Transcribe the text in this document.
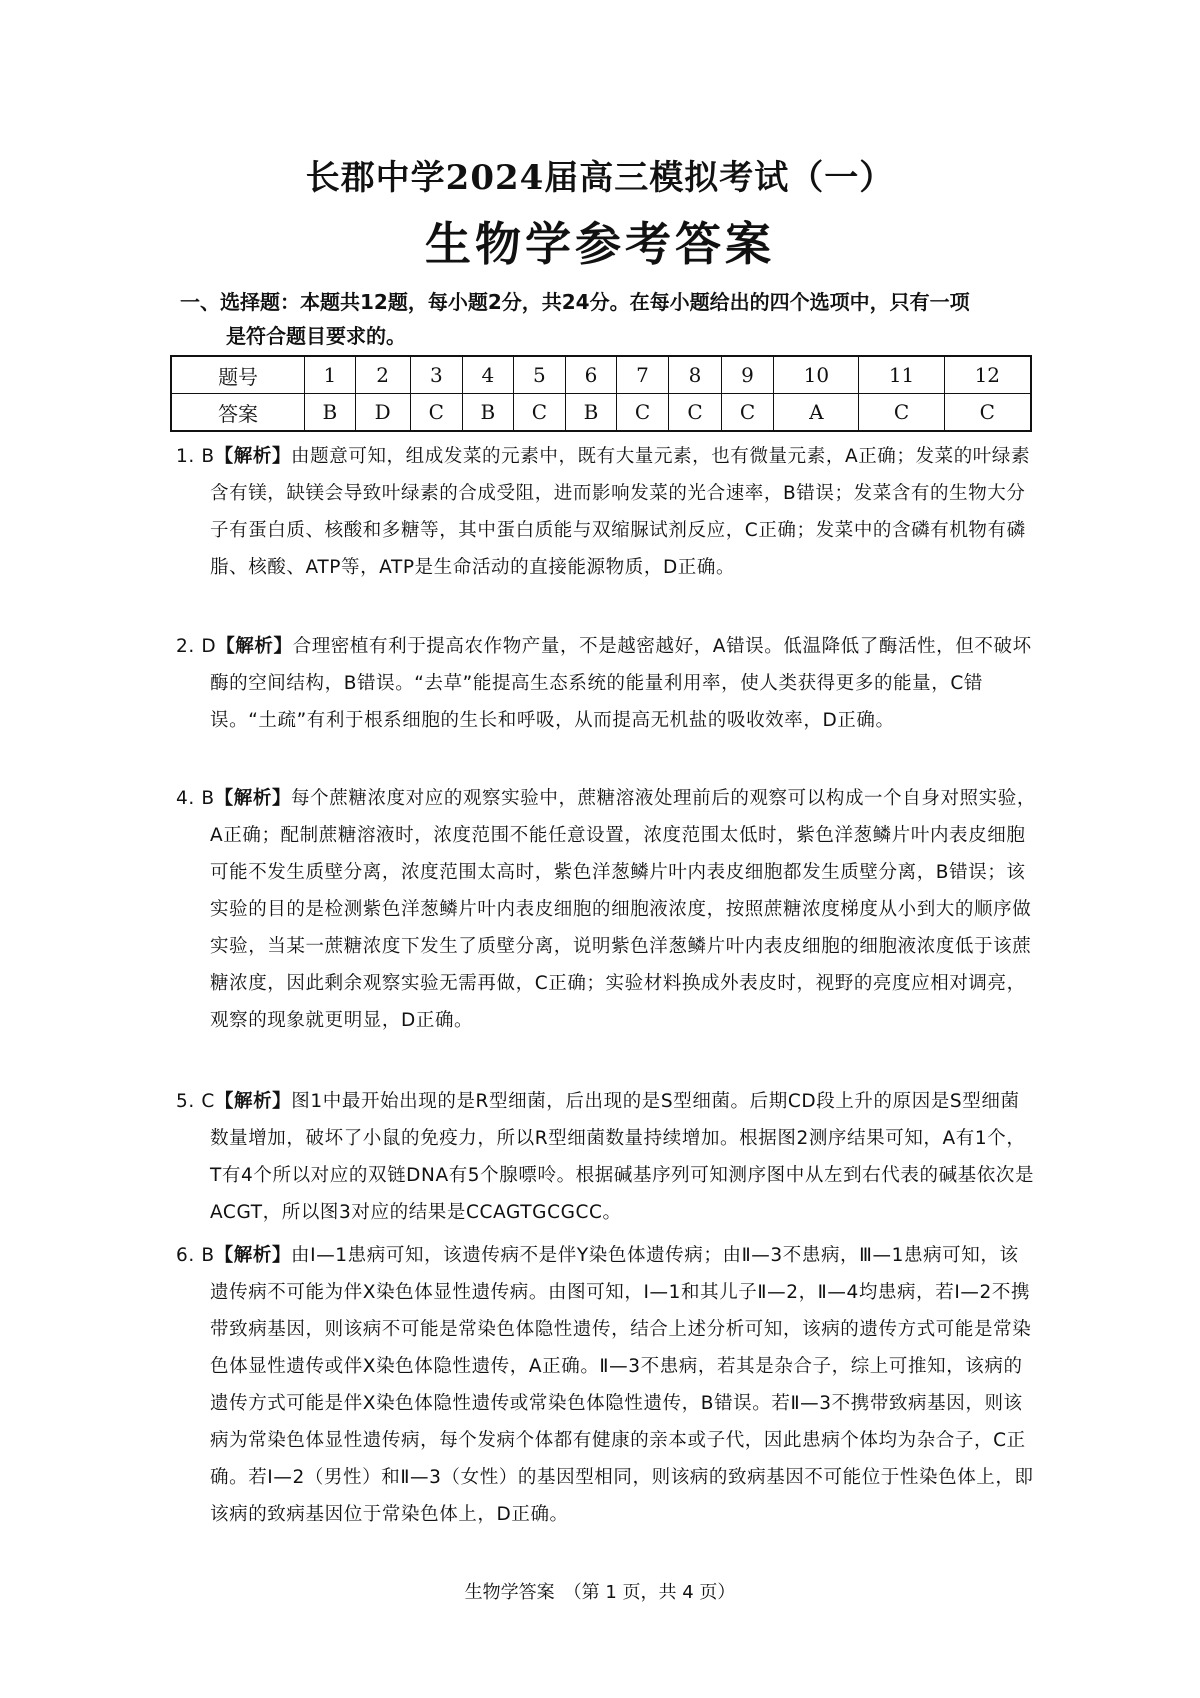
长郡中学2024届高三模拟考试（一）
生物学参考答案
一、选择题：本题共12题，每小题2分，共24分。在每小题给出的四个选项中，只有一项
是符合题目要求的。
题号	1	2	3	4	5	6	7	8	9	10	11	12
答案	B	D	C	B	C	B	C	C	C	A	C	C

1. B【解析】由题意可知，组成发菜的元素中，既有大量元素，也有微量元素，A正确；发菜的叶绿素含有镁，缺镁会导致叶绿素的合成受阻，进而影响发菜的光合速率，B错误；发菜含有的生物大分子有蛋白质、核酸和多糖等，其中蛋白质能与双缩脲试剂反应，C正确；发菜中的含磷有机物有磷脂、核酸、ATP等，ATP是生命活动的直接能源物质，D正确。

2. D【解析】合理密植有利于提高农作物产量，不是越密越好，A错误。低温降低了酶活性，但不破坏酶的空间结构，B错误。“去草”能提高生态系统的能量利用率，使人类获得更多的能量，C错误。“土疏”有利于根系细胞的生长和呼吸，从而提高无机盐的吸收效率，D正确。

4. B【解析】每个蔗糖浓度对应的观察实验中，蔗糖溶液处理前后的观察可以构成一个自身对照实验，A正确；配制蔗糖溶液时，浓度范围不能任意设置，浓度范围太低时，紫色洋葱鳞片叶内表皮细胞可能不发生质壁分离，浓度范围太高时，紫色洋葱鳞片叶内表皮细胞都发生质壁分离，B错误；该实验的目的是检测紫色洋葱鳞片叶内表皮细胞的细胞液浓度，按照蔗糖浓度梯度从小到大的顺序做实验，当某一蔗糖浓度下发生了质壁分离，说明紫色洋葱鳞片叶内表皮细胞的细胞液浓度低于该蔗糖浓度，因此剩余观察实验无需再做，C正确；实验材料换成外表皮时，视野的亮度应相对调亮，观察的现象就更明显，D正确。

5. C【解析】图1中最开始出现的是R型细菌，后出现的是S型细菌。后期CD段上升的原因是S型细菌数量增加，破坏了小鼠的免疫力，所以R型细菌数量持续增加。根据图2测序结果可知，A有1个，T有4个所以对应的双链DNA有5个腺嘌呤。根据碱基序列可知测序图中从左到右代表的碱基依次是ACGT，所以图3对应的结果是CCAGTGCGCC。

6. B【解析】由Ⅰ—1患病可知，该遗传病不是伴Y染色体遗传病；由Ⅱ—3不患病，Ⅲ—1患病可知，该遗传病不可能为伴X染色体显性遗传病。由图可知，Ⅰ—1和其儿子Ⅱ—2，Ⅱ—4均患病，若Ⅰ—2不携带致病基因，则该病不可能是常染色体隐性遗传，结合上述分析可知，该病的遗传方式可能是常染色体显性遗传或伴X染色体隐性遗传，A正确。Ⅱ—3不患病，若其是杂合子，综上可推知，该病的遗传方式可能是伴X染色体隐性遗传或常染色体隐性遗传，B错误。若Ⅱ—3不携带致病基因，则该病为常染色体显性遗传病，每个发病个体都有健康的亲本或子代，因此患病个体均为杂合子，C正确。若Ⅰ—2（男性）和Ⅱ—3（女性）的基因型相同，则该病的致病基因不可能位于性染色体上，即该病的致病基因位于常染色体上，D正确。

生物学答案　（第 1 页，共 4 页）
